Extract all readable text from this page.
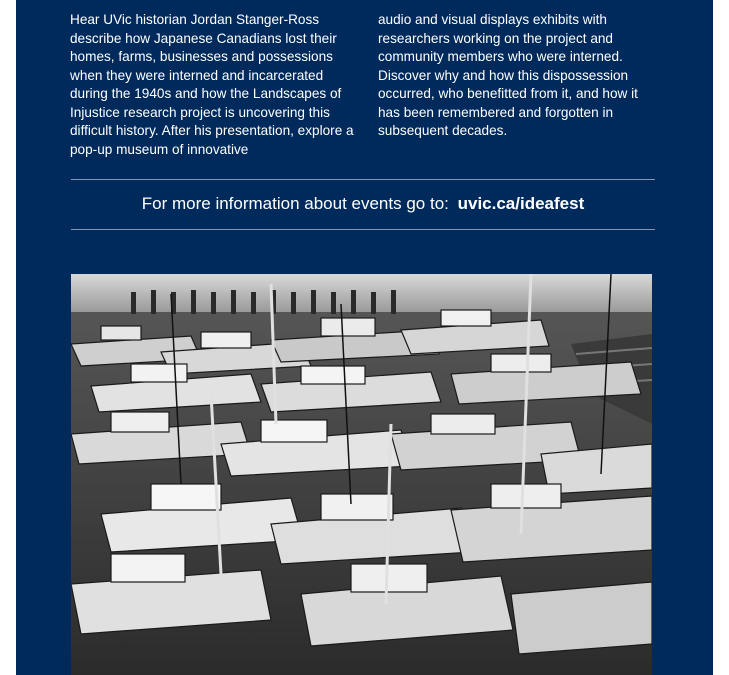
Hear UVic historian Jordan Stanger-Ross describe how Japanese Canadians lost their homes, farms, businesses and possessions when they were interned and incarcerated during the 1940s and how the Landscapes of Injustice research project is uncovering this difficult history. After his presentation, explore a pop-up museum of innovative

audio and visual displays exhibits with researchers working on the project and community members who were interned. Discover why and how this dispossession occurred, who benefitted from it, and how it has been remembered and forgotten in subsequent decades.

For more information about events go to: uvic.ca/ideafest
